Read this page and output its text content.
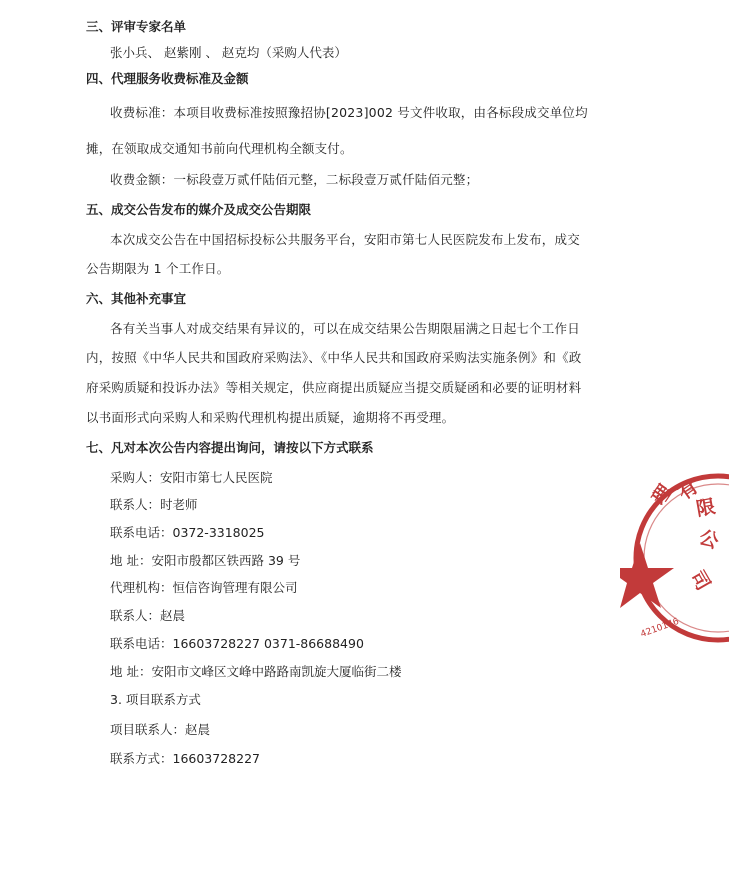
三、评审专家名单
张小兵、 赵紫刚 、 赵克均（采购人代表）
四、代理服务收费标准及金额
收费标准：本项目收费标准按照豫招协[2023]002 号文件收取，由各标段成交单位均
摊，在领取成交通知书前向代理机构全额支付。
收费金额：一标段壹万贰仟陆佰元整，二标段壹万贰仟陆佰元整；
五、成交公告发布的媒介及成交公告期限
本次成交公告在中国招标投标公共服务平台，安阳市第七人民医院发布上发布，成交
公告期限为 1 个工作日。
六、其他补充事宜
各有关当事人对成交结果有异议的，可以在成交结果公告期限届满之日起七个工作日
内，按照《中华人民共和国政府采购法》、《中华人民共和国政府采购法实施条例》和《政
府采购质疑和投诉办法》等相关规定，供应商提出质疑应当提交质疑函和必要的证明材料
以书面形式向采购人和采购代理机构提出质疑，逾期将不再受理。
七、凡对本次公告内容提出询问，请按以下方式联系
采购人：安阳市第七人民医院
联系人：时老师
联系电话：0372-3318025
地 址：安阳市殷都区铁西路 39 号
代理机构：恒信咨询管理有限公司
联系人：赵晨
联系电话：16603728227 0371-86688490
地 址：安阳市文峰区文峰中路路南凯旋大厦临街二楼
3. 项目联系方式
项目联系人：赵晨
联系方式：16603728227
理
有
限
公
司
4210146
